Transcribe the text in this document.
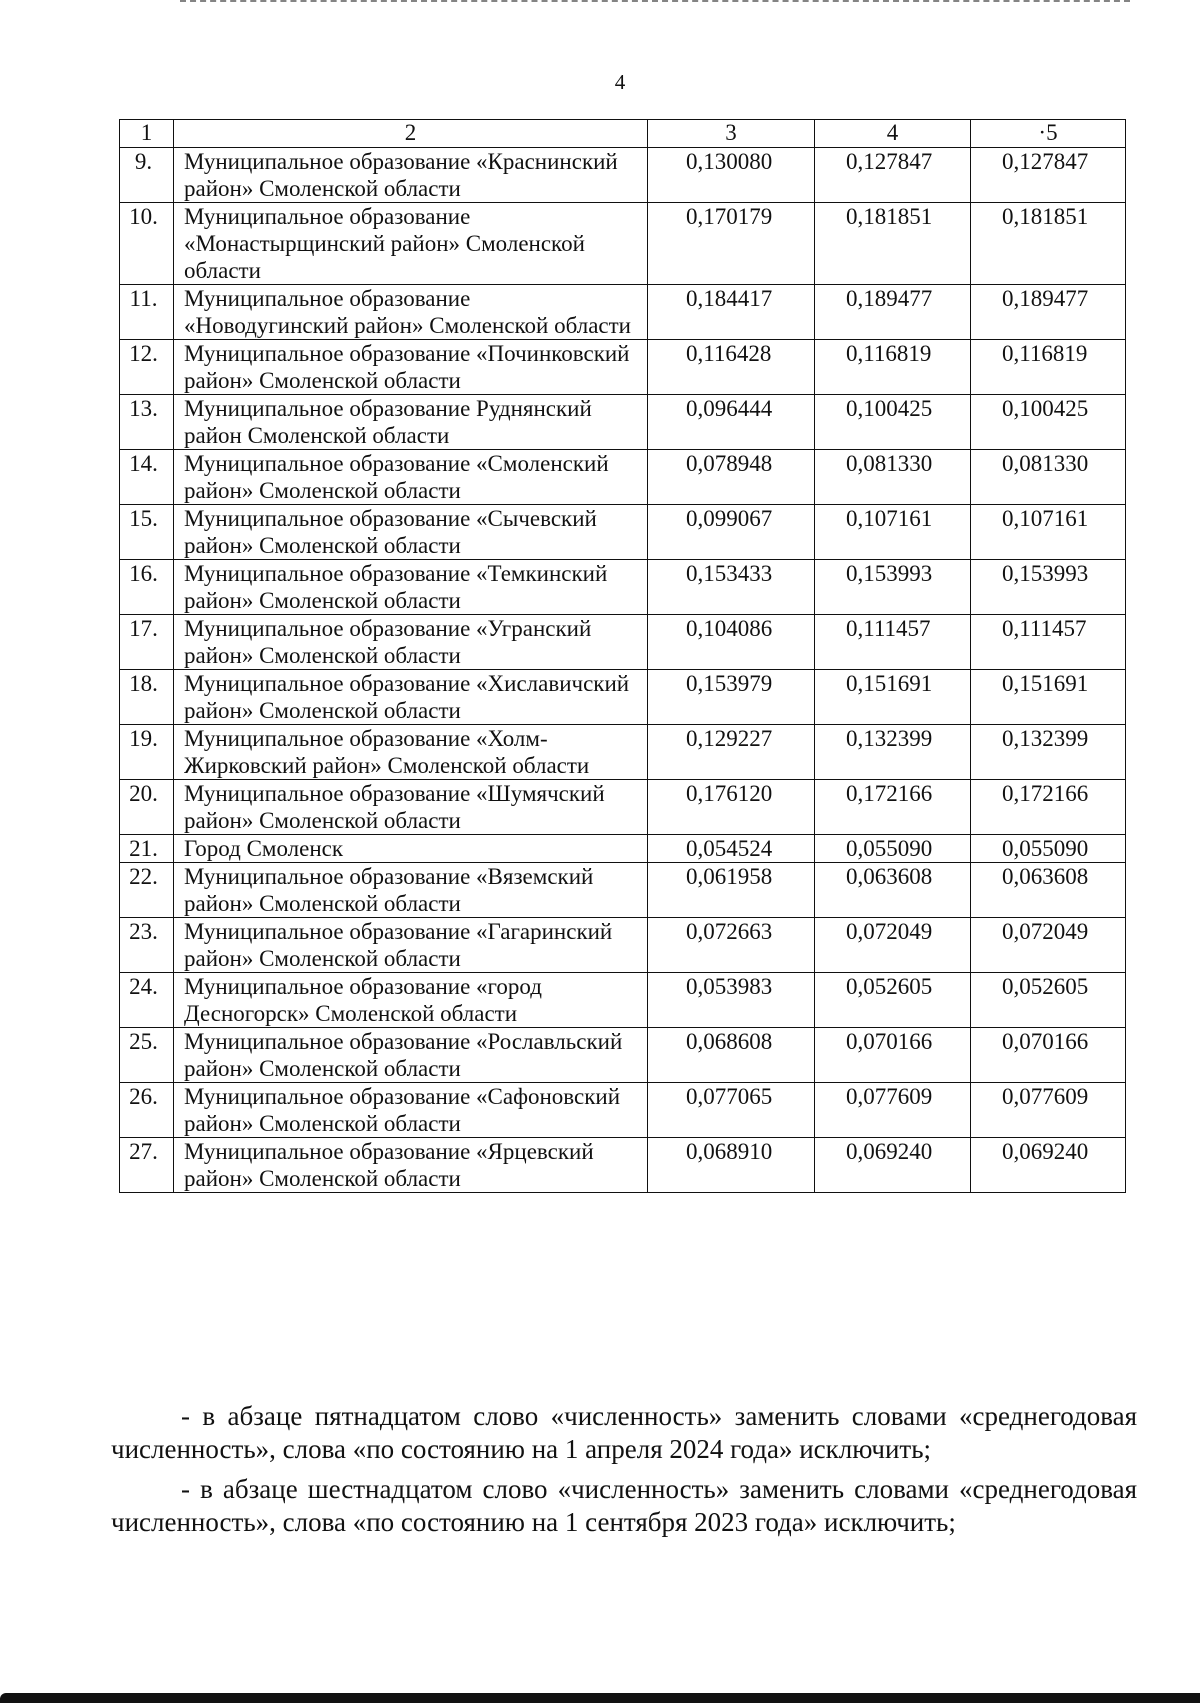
4
1	2	3	4	·5
9.	Муниципальное образование «Краснинский район» Смоленской области	0,130080	0,127847	0,127847
10.	Муниципальное образование «Монастырщинский район» Смоленской области	0,170179	0,181851	0,181851
11.	Муниципальное образование «Новодугинский район» Смоленской области	0,184417	0,189477	0,189477
12.	Муниципальное образование «Починковский район» Смоленской области	0,116428	0,116819	0,116819
13.	Муниципальное образование Руднянский район Смоленской области	0,096444	0,100425	0,100425
14.	Муниципальное образование «Смоленский район» Смоленской области	0,078948	0,081330	0,081330
15.	Муниципальное образование «Сычевский район» Смоленской области	0,099067	0,107161	0,107161
16.	Муниципальное образование «Темкинский район» Смоленской области	0,153433	0,153993	0,153993
17.	Муниципальное образование «Угранский район» Смоленской области	0,104086	0,111457	0,111457
18.	Муниципальное образование «Хиславичский район» Смоленской области	0,153979	0,151691	0,151691
19.	Муниципальное образование «Холм-Жирковский район» Смоленской области	0,129227	0,132399	0,132399
20.	Муниципальное образование «Шумячский район» Смоленской области	0,176120	0,172166	0,172166
21.	Город Смоленск	0,054524	0,055090	0,055090
22.	Муниципальное образование «Вяземский район» Смоленской области	0,061958	0,063608	0,063608
23.	Муниципальное образование «Гагаринский район» Смоленской области	0,072663	0,072049	0,072049
24.	Муниципальное образование «город Десногорск» Смоленской области	0,053983	0,052605	0,052605
25.	Муниципальное образование «Рославльский район» Смоленской области	0,068608	0,070166	0,070166
26.	Муниципальное образование «Сафоновский район» Смоленской области	0,077065	0,077609	0,077609
27.	Муниципальное образование «Ярцевский район» Смоленской области	0,068910	0,069240	0,069240
- в абзаце пятнадцатом слово «численность» заменить словами «среднегодовая численность», слова «по состоянию на 1 апреля 2024 года» исключить;
- в абзаце шестнадцатом слово «численность» заменить словами «среднегодовая численность», слова «по состоянию на 1 сентября 2023 года» исключить;
